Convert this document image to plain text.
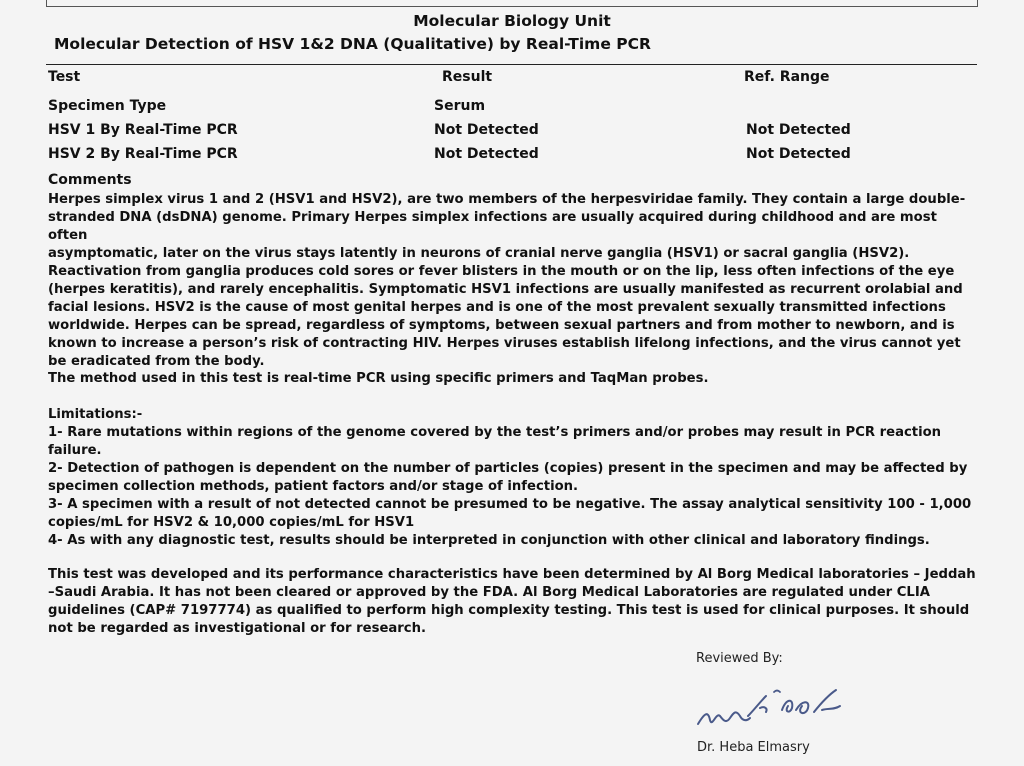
Molecular Biology Unit
Molecular Detection of HSV 1&2 DNA (Qualitative) by Real-Time PCR
Test	Result	Ref. Range
Specimen Type	Serum
HSV 1 By Real-Time PCR	Not Detected	Not Detected
HSV 2 By Real-Time PCR	Not Detected	Not Detected
Comments
Herpes simplex virus 1 and 2 (HSV1 and HSV2), are two members of the herpesviridae family. They contain a large double-
stranded DNA (dsDNA) genome. Primary Herpes simplex infections are usually acquired during childhood and are most often
asymptomatic, later on the virus stays latently in neurons of cranial nerve ganglia (HSV1) or sacral ganglia (HSV2).
Reactivation from ganglia produces cold sores or fever blisters in the mouth or on the lip, less often infections of the eye
(herpes keratitis), and rarely encephalitis. Symptomatic HSV1 infections are usually manifested as recurrent orolabial and
facial lesions. HSV2 is the cause of most genital herpes and is one of the most prevalent sexually transmitted infections
worldwide. Herpes can be spread, regardless of symptoms, between sexual partners and from mother to newborn, and is
known to increase a person’s risk of contracting HIV. Herpes viruses establish lifelong infections, and the virus cannot yet
be eradicated from the body.
The method used in this test is real-time PCR using specific primers and TaqMan probes.
Limitations:-
1- Rare mutations within regions of the genome covered by the test’s primers and/or probes may result in PCR reaction
failure.
2- Detection of pathogen is dependent on the number of particles (copies) present in the specimen and may be affected by
specimen collection methods, patient factors and/or stage of infection.
3- A specimen with a result of not detected cannot be presumed to be negative. The assay analytical sensitivity 100 - 1,000
copies/mL for HSV2 & 10,000 copies/mL for HSV1
4- As with any diagnostic test, results should be interpreted in conjunction with other clinical and laboratory findings.
This test was developed and its performance characteristics have been determined by Al Borg Medical laboratories – Jeddah
–Saudi Arabia. It has not been cleared or approved by the FDA. Al Borg Medical Laboratories are regulated under CLIA
guidelines (CAP# 7197774) as qualified to perform high complexity testing. This test is used for clinical purposes. It should
not be regarded as investigational or for research.
Reviewed By:
Dr. Heba Elmasry
